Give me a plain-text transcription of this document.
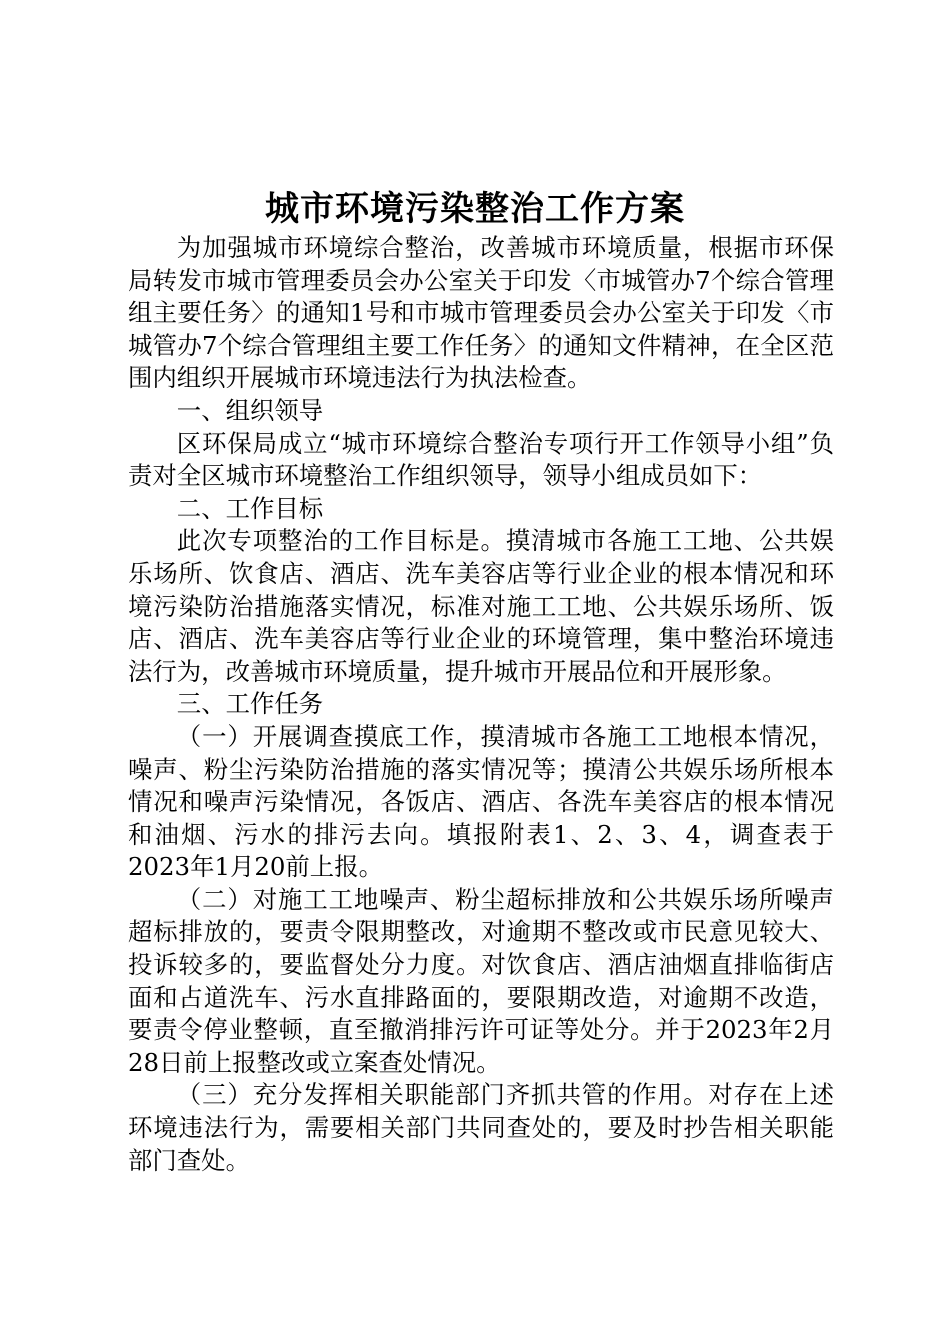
城市环境污染整治工作方案

为加强城市环境综合整治，改善城市环境质量，根据市环保局转发市城市管理委员会办公室关于印发〈市城管办7个综合管理组主要任务〉的通知1号和市城市管理委员会办公室关于印发〈市城管办7个综合管理组主要工作任务〉的通知文件精神，在全区范围内组织开展城市环境违法行为执法检查。

一、组织领导

区环保局成立“城市环境综合整治专项行开工作领导小组”负责对全区城市环境整治工作组织领导，领导小组成员如下：

二、工作目标

此次专项整治的工作目标是。摸清城市各施工工地、公共娱乐场所、饮食店、酒店、洗车美容店等行业企业的根本情况和环境污染防治措施落实情况，标准对施工工地、公共娱乐场所、饭店、酒店、洗车美容店等行业企业的环境管理，集中整治环境违法行为，改善城市环境质量，提升城市开展品位和开展形象。

三、工作任务

（一）开展调查摸底工作，摸清城市各施工工地根本情况，噪声、粉尘污染防治措施的落实情况等；摸清公共娱乐场所根本情况和噪声污染情况，各饭店、酒店、各洗车美容店的根本情况和油烟、污水的排污去向。填报附表1、2、3、4，调查表于2023年1月20前上报。

（二）对施工工地噪声、粉尘超标排放和公共娱乐场所噪声超标排放的，要责令限期整改，对逾期不整改或市民意见较大、投诉较多的，要监督处分力度。对饮食店、酒店油烟直排临街店面和占道洗车、污水直排路面的，要限期改造，对逾期不改造，要责令停业整顿，直至撤消排污许可证等处分。并于2023年2月28日前上报整改或立案查处情况。

（三）充分发挥相关职能部门齐抓共管的作用。对存在上述环境违法行为，需要相关部门共同查处的，要及时抄告相关职能部门查处。
